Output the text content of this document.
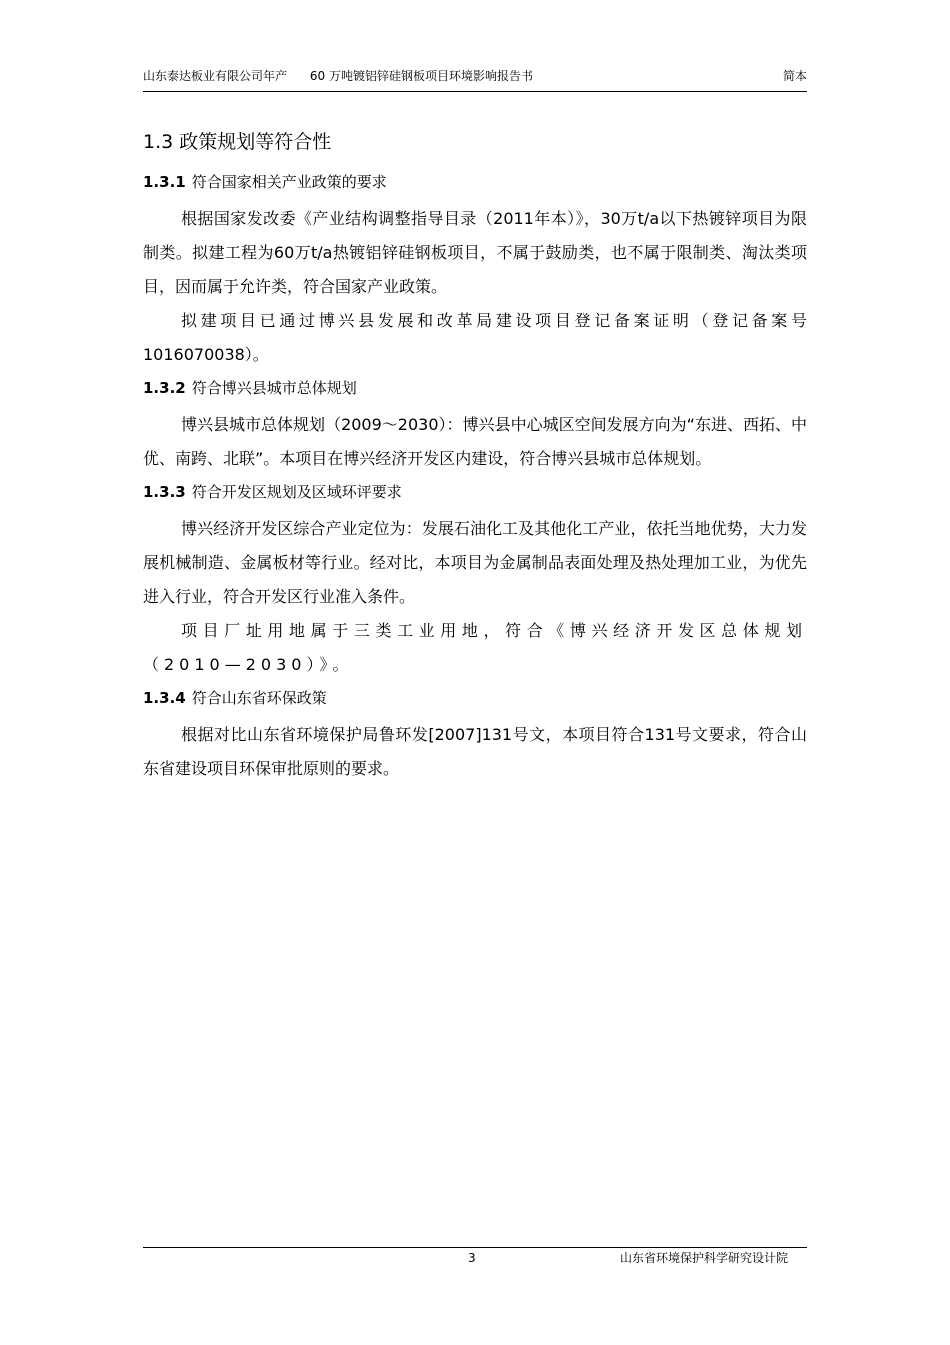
山东泰达板业有限公司年产      60 万吨镀铝锌硅钢板项目环境影响报告书	简本
1.3 政策规划等符合性
1.3.1 符合国家相关产业政策的要求

根据国家发改委《产业结构调整指导目录（2011年本）》，30万t/a以下热镀锌项目为限制类。拟建工程为60万t/a热镀铝锌硅钢板项目，不属于鼓励类，也不属于限制类、淘汰类项目，因而属于允许类，符合国家产业政策。

拟建项目已通过博兴县发展和改革局建设项目登记备案证明（登记备案号1016070038）。

1.3.2 符合博兴县城市总体规划

博兴县城市总体规划（2009～2030）：博兴县中心城区空间发展方向为“东进、西拓、中优、南跨、北联”。本项目在博兴经济开发区内建设，符合博兴县城市总体规划。

1.3.3 符合开发区规划及区域环评要求

博兴经济开发区综合产业定位为：发展石油化工及其他化工产业，依托当地优势，大力发展机械制造、金属板材等行业。经对比，本项目为金属制品表面处理及热处理加工业，为优先进入行业，符合开发区行业准入条件。

项目厂址用地属于三类工业用地，符合《博兴经济开发区总体规划（2010—2030）》。

1.3.4 符合山东省环保政策

根据对比山东省环境保护局鲁环发[2007]131号文，本项目符合131号文要求，符合山东省建设项目环保审批原则的要求。

3	山东省环境保护科学研究设计院
